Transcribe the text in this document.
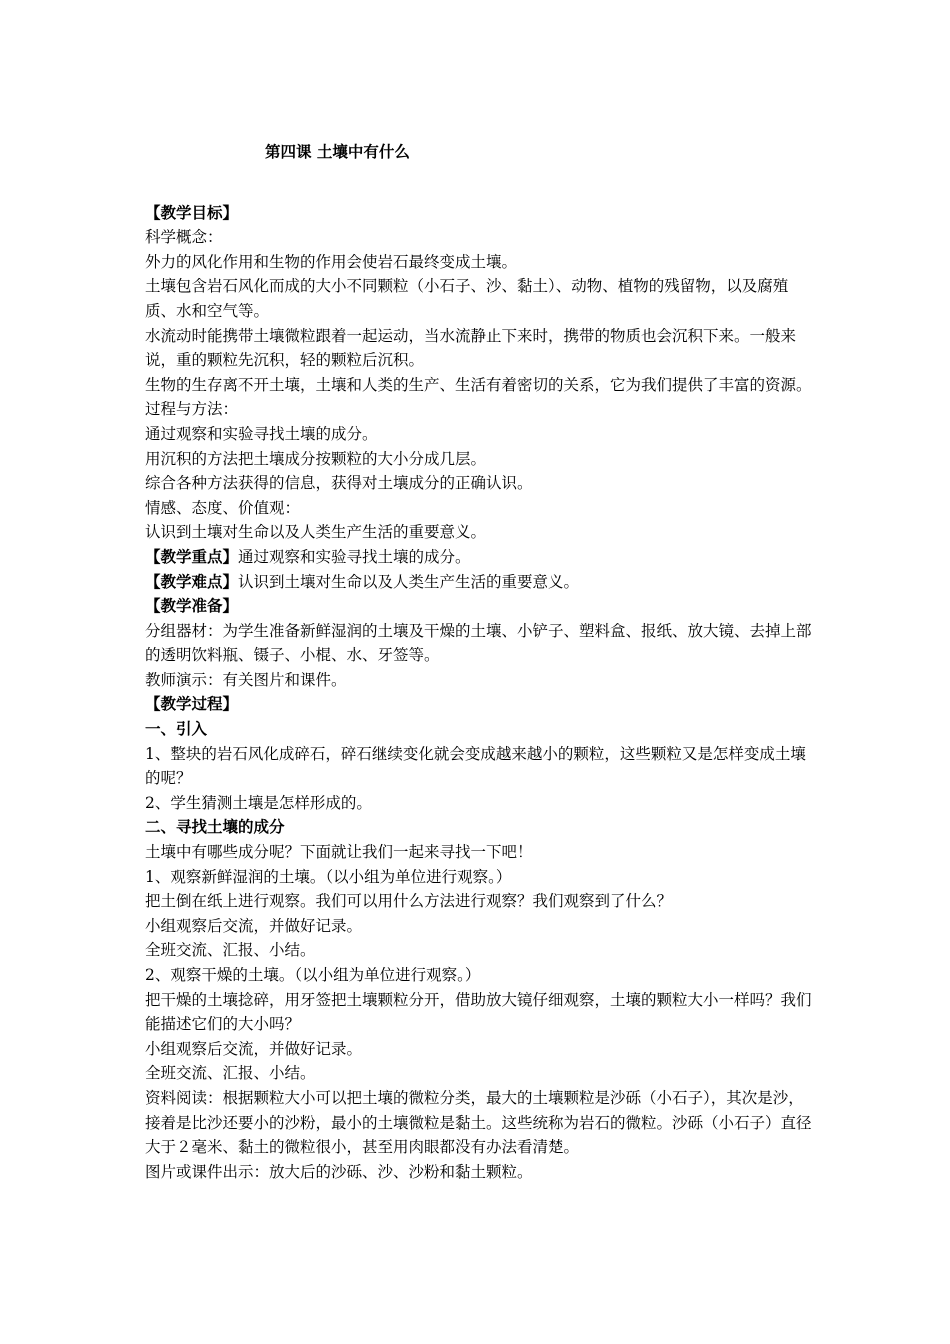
第四课 土壤中有什么

【教学目标】

科学概念：

外力的风化作用和生物的作用会使岩石最终变成土壤。

土壤包含岩石风化而成的大小不同颗粒（小石子、沙、黏土）、动物、植物的残留物，以及腐殖质、水和空气等。

水流动时能携带土壤微粒跟着一起运动，当水流静止下来时，携带的物质也会沉积下来。一般来说，重的颗粒先沉积，轻的颗粒后沉积。

生物的生存离不开土壤，土壤和人类的生产、生活有着密切的关系，它为我们提供了丰富的资源。

过程与方法：

通过观察和实验寻找土壤的成分。

用沉积的方法把土壤成分按颗粒的大小分成几层。

综合各种方法获得的信息，获得对土壤成分的正确认识。

情感、态度、价值观：

认识到土壤对生命以及人类生产生活的重要意义。

【教学重点】通过观察和实验寻找土壤的成分。

【教学难点】认识到土壤对生命以及人类生产生活的重要意义。

【教学准备】

分组器材：为学生准备新鲜湿润的土壤及干燥的土壤、小铲子、塑料盒、报纸、放大镜、去掉上部的透明饮料瓶、镊子、小棍、水、牙签等。

教师演示：有关图片和课件。

【教学过程】

一、引入

1、整块的岩石风化成碎石，碎石继续变化就会变成越来越小的颗粒，这些颗粒又是怎样变成土壤的呢？

2、学生猜测土壤是怎样形成的。

二、寻找土壤的成分

土壤中有哪些成分呢？下面就让我们一起来寻找一下吧！

1、观察新鲜湿润的土壤。（以小组为单位进行观察。）

把土倒在纸上进行观察。我们可以用什么方法进行观察？我们观察到了什么？

小组观察后交流，并做好记录。

全班交流、汇报、小结。

2、观察干燥的土壤。（以小组为单位进行观察。）

把干燥的土壤捻碎，用牙签把土壤颗粒分开，借助放大镜仔细观察，土壤的颗粒大小一样吗？我们能描述它们的大小吗？

小组观察后交流，并做好记录。

全班交流、汇报、小结。

资料阅读：根据颗粒大小可以把土壤的微粒分类，最大的土壤颗粒是沙砾（小石子），其次是沙，接着是比沙还要小的沙粉，最小的土壤微粒是黏土。这些统称为岩石的微粒。沙砾（小石子）直径大于２毫米、黏土的微粒很小，甚至用肉眼都没有办法看清楚。

图片或课件出示：放大后的沙砾、沙、沙粉和黏土颗粒。
